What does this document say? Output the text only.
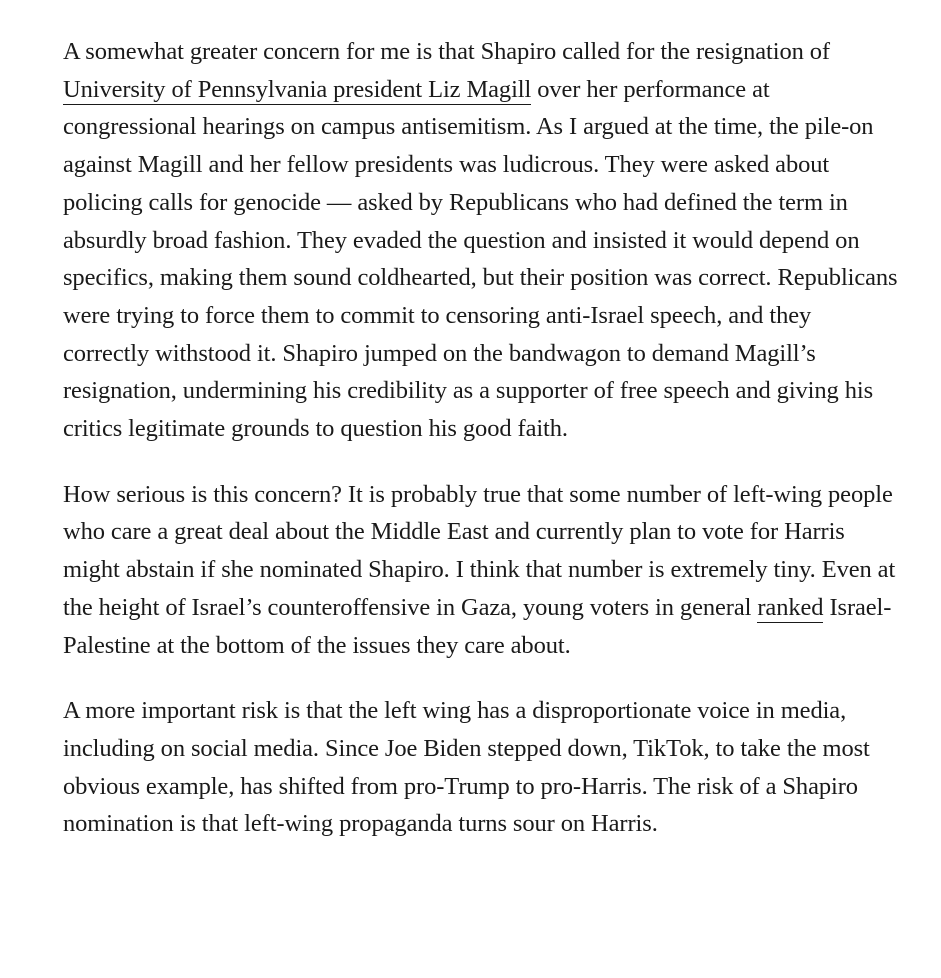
A somewhat greater concern for me is that Shapiro called for the resignation of University of Pennsylvania president Liz Magill over her performance at congressional hearings on campus antisemitism. As I argued at the time, the pile-on against Magill and her fellow presidents was ludicrous. They were asked about policing calls for genocide — asked by Republicans who had defined the term in absurdly broad fashion. They evaded the question and insisted it would depend on specifics, making them sound coldhearted, but their position was correct. Republicans were trying to force them to commit to censoring anti-Israel speech, and they correctly withstood it. Shapiro jumped on the bandwagon to demand Magill’s resignation, undermining his credibility as a supporter of free speech and giving his critics legitimate grounds to question his good faith.

How serious is this concern? It is probably true that some number of left-wing people who care a great deal about the Middle East and currently plan to vote for Harris might abstain if she nominated Shapiro. I think that number is extremely tiny. Even at the height of Israel’s counteroffensive in Gaza, young voters in general ranked Israel-Palestine at the bottom of the issues they care about.

A more important risk is that the left wing has a disproportionate voice in media, including on social media. Since Joe Biden stepped down, TikTok, to take the most obvious example, has shifted from pro-Trump to pro-Harris. The risk of a Shapiro nomination is that left-wing propaganda turns sour on Harris.
